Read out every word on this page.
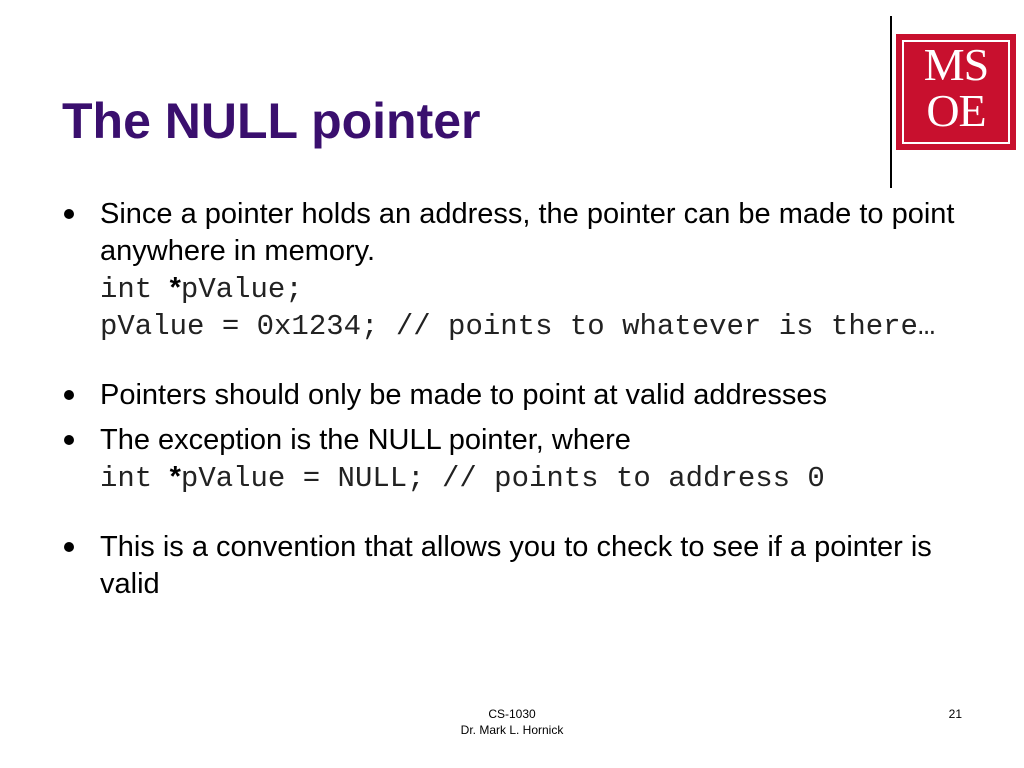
The NULL pointer
MS
OE
Since a pointer holds an address, the pointer can be made to point anywhere in memory.
int *pValue;
pValue = 0x1234; // points to whatever is there…
Pointers should only be made to point at valid addresses
The exception is the NULL pointer, where
int *pValue = NULL; // points to address 0
This is a convention that allows you to check to see if a pointer is valid
CS-1030
Dr. Mark L. Hornick
21
